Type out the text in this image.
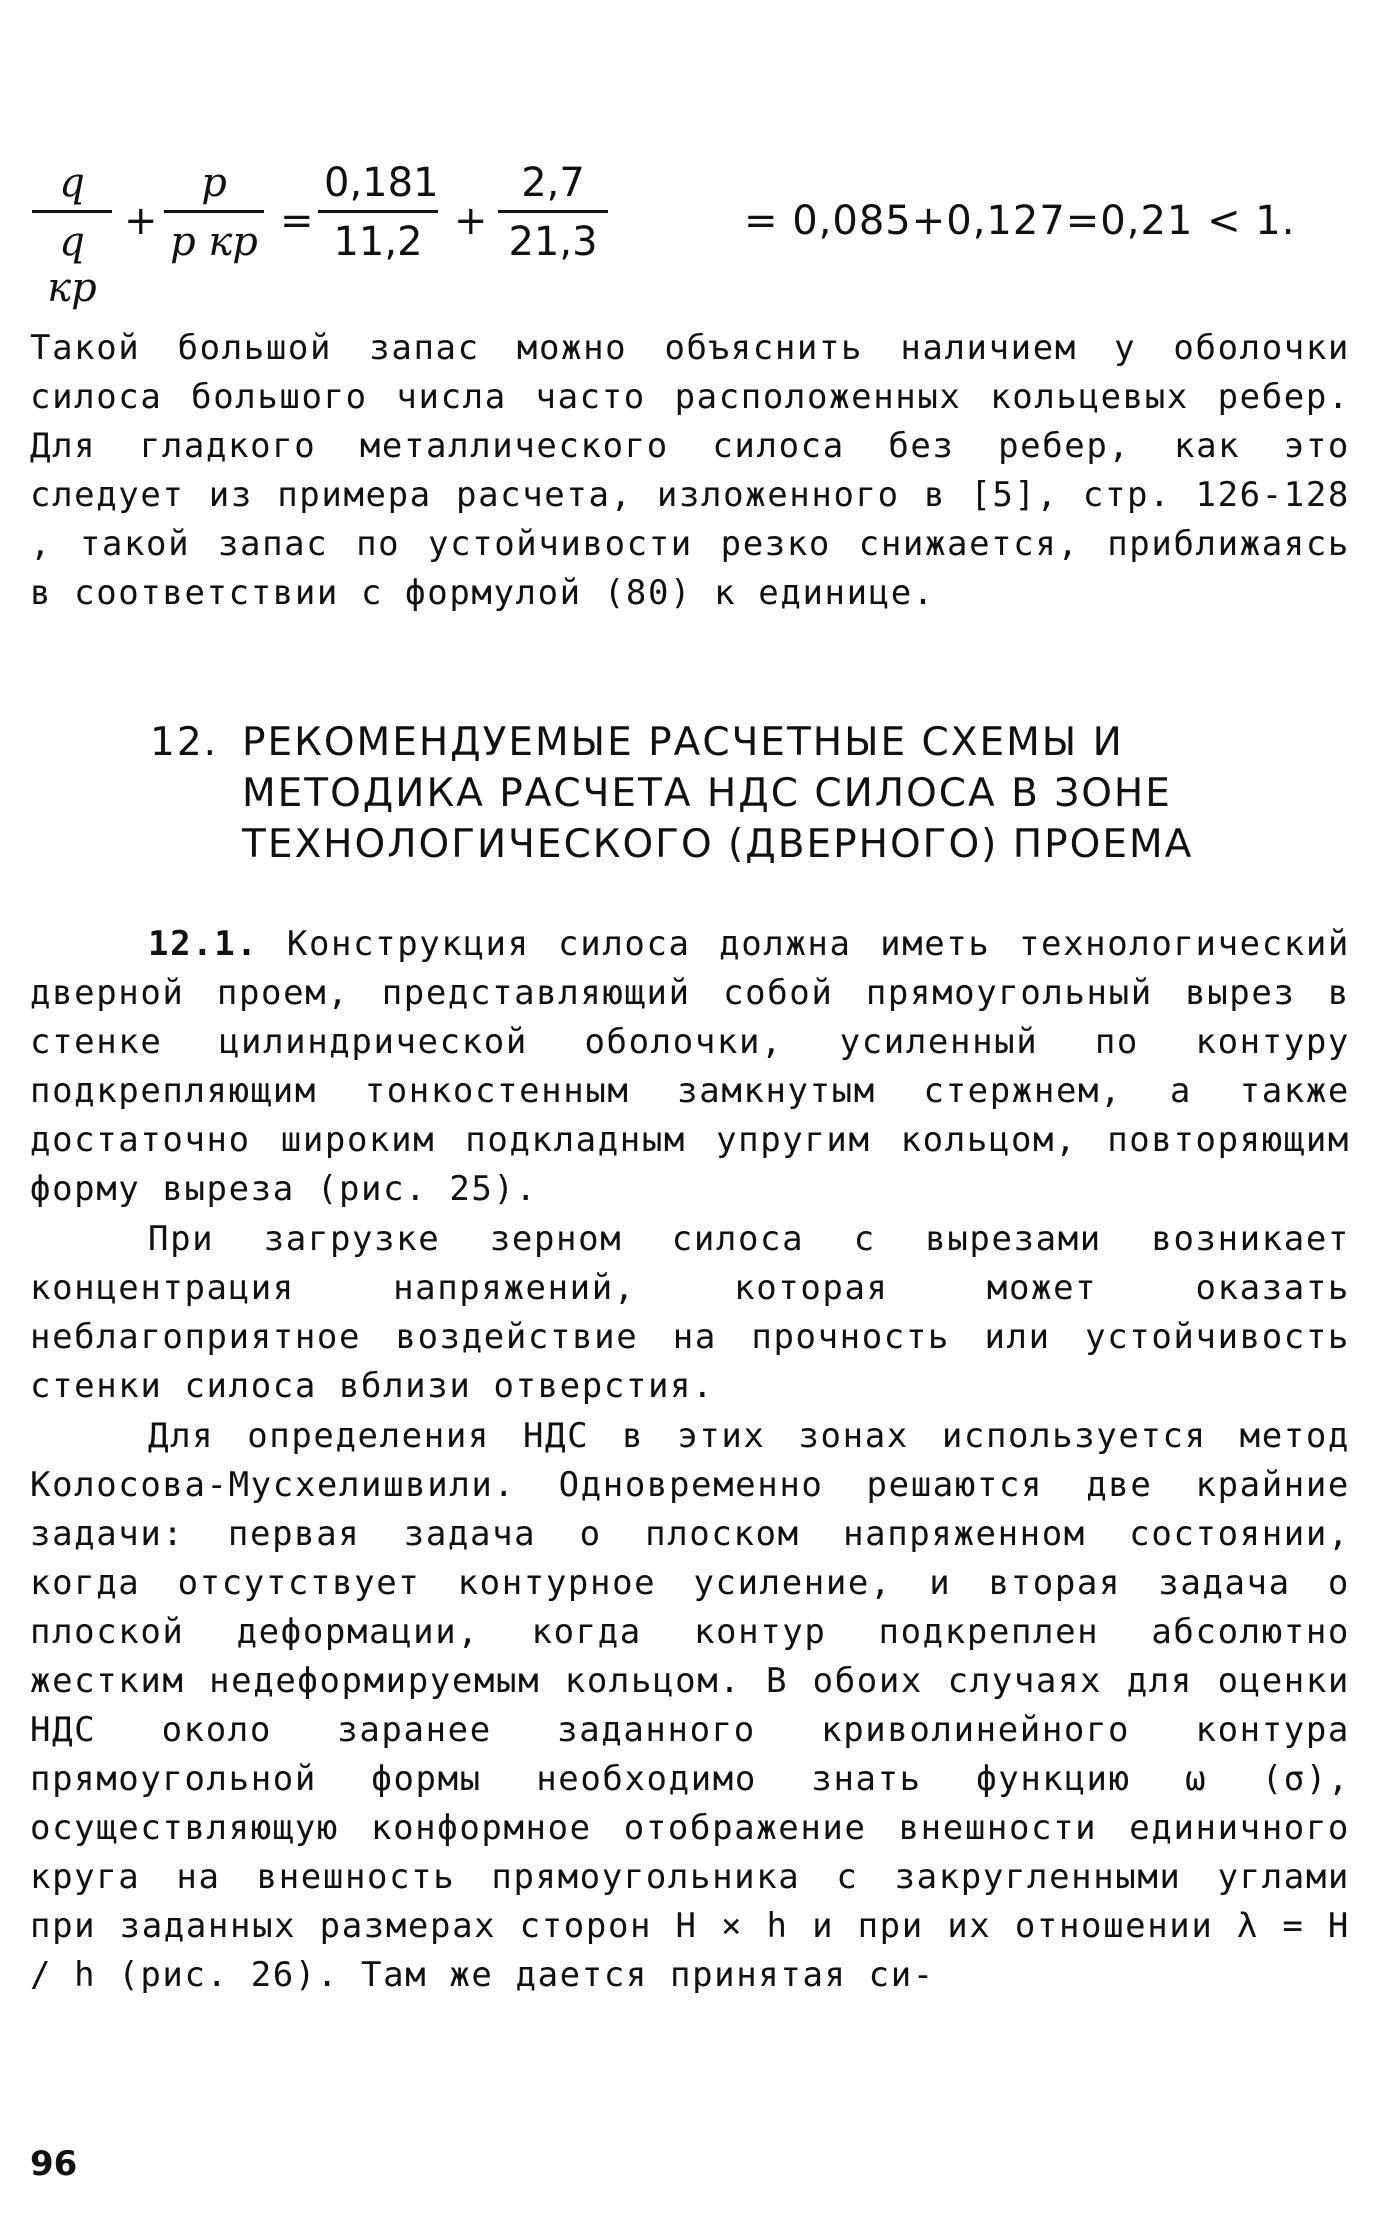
q
q кр
+
p
p кр = $\frac{0,181}{11,2} + \frac{2,7}{21,3}$	= 0,085+0,127=0,21 < 1.

Такой большой запас можно объяснить наличием у оболочки силоса большого числа часто расположенных кольцевых ребер. Для гладкого металлического силоса без ребер, как это следует из примера расчета, изложенного в [5], стр. 126-128 , такой запас по устойчивости резко снижается, приближаясь в соответствии с формулой (80) к единице.

12. РЕКОМЕНДУЕМЫЕ РАСЧЕТНЫЕ СХЕМЫ И
МЕТОДИКА РАСЧЕТА НДС СИЛОСА В ЗОНЕ
ТЕХНОЛОГИЧЕСКОГО (ДВЕРНОГО) ПРОЕМА

12.1. Конструкция силоса должна иметь технологический дверной проем, представляющий собой прямоугольный вырез в стенке цилиндрической оболочки, усиленный по контуру подкрепляющим тонкостенным замкнутым стержнем, а также достаточно широким подкладным упругим кольцом, повторяющим форму выреза (рис. 25).

При загрузке зерном силоса с вырезами возникает концентрация напряжений, которая может оказать неблагоприятное воздействие на прочность или устойчивость стенки силоса вблизи отверстия.

Для определения НДС в этих зонах используется метод Колосова-Мусхелишвили. Одновременно решаются две крайние задачи: первая задача о плоском напряженном состоянии, когда отсутствует контурное усиление, и вторая задача о плоской деформации, когда контур подкреплен абсолютно жестким недеформируемым кольцом. В обоих случаях для оценки НДС около заранее заданного криволинейного контура прямоугольной формы необходимо знать функцию ω (σ), осуществляющую конформное отображение внешности единичного круга на внешность прямоугольника с закругленными углами при заданных размерах сторон H × h и при их отношении λ = H / h (рис. 26). Там же дается принятая си-

96
